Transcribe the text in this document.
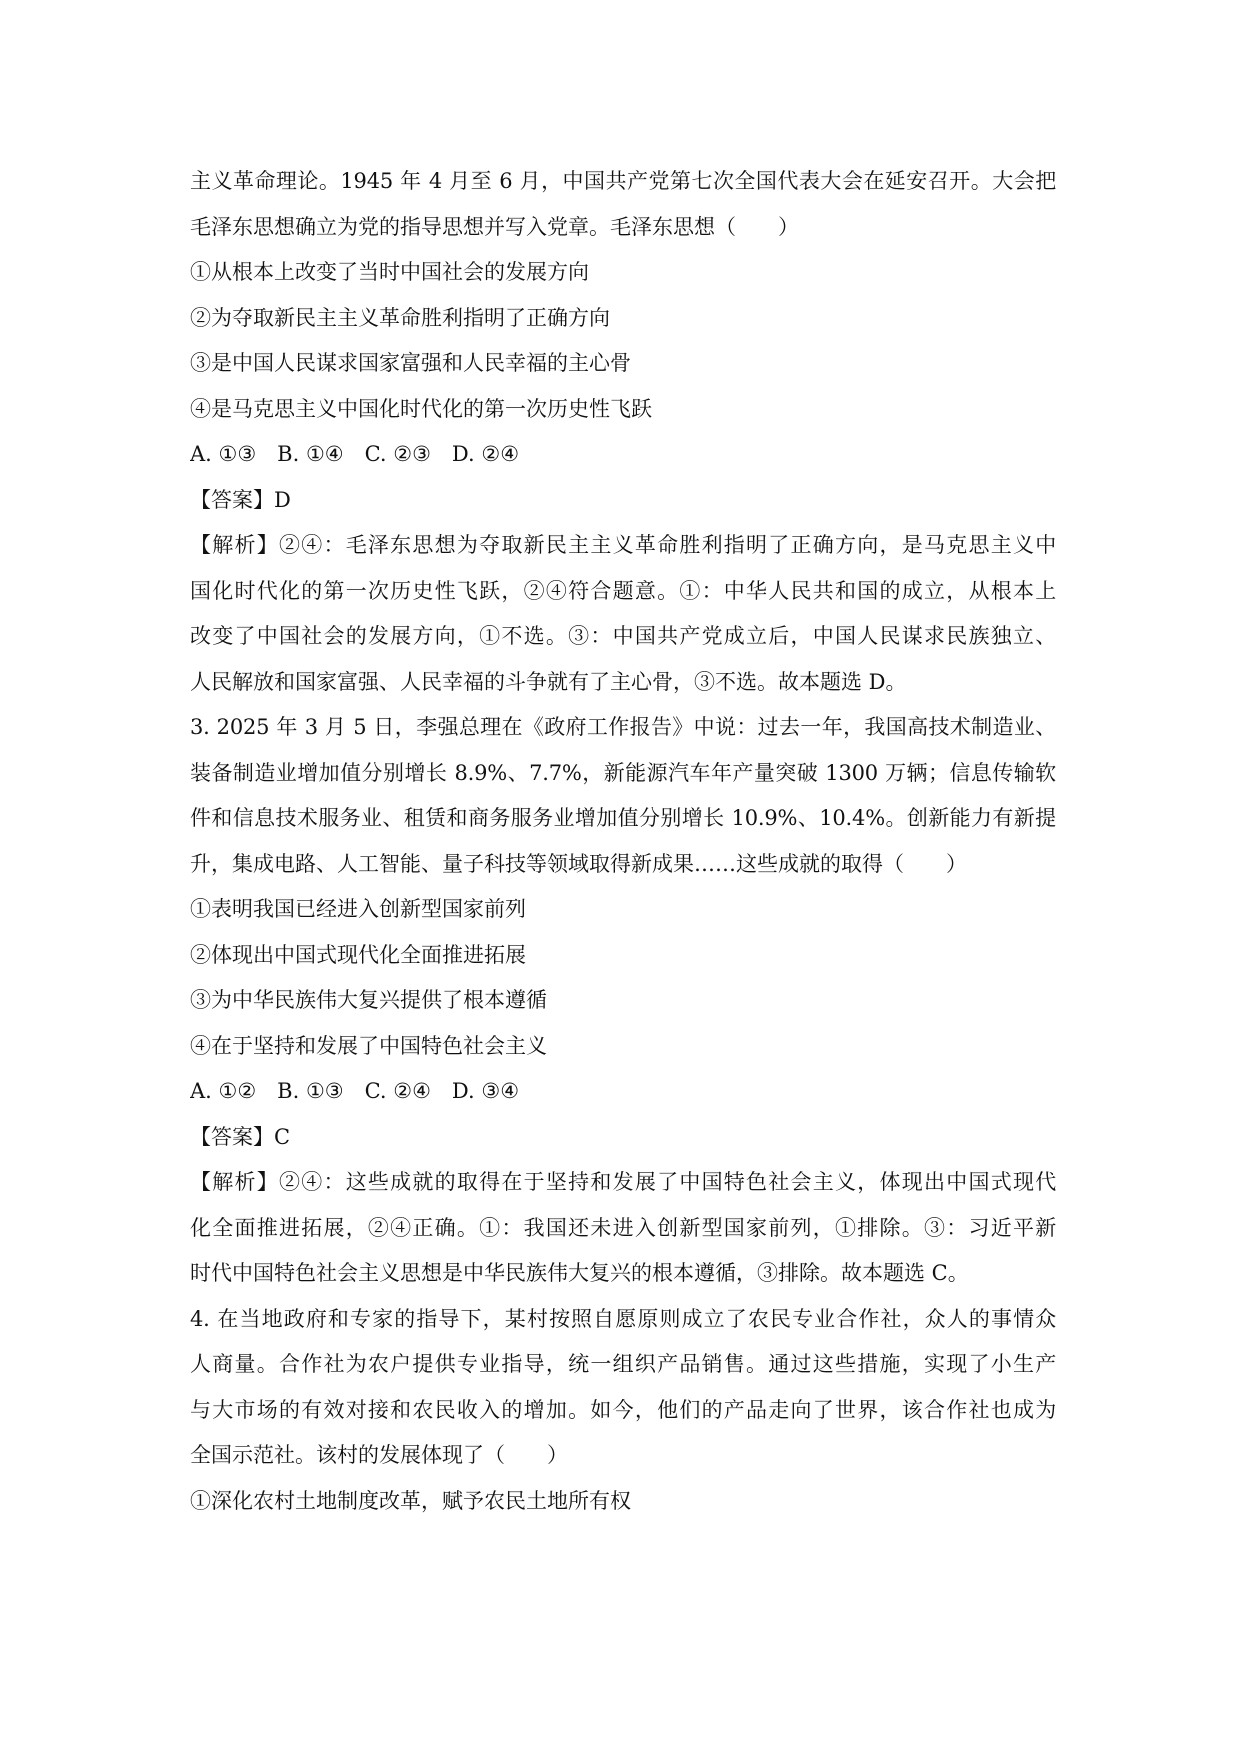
主义革命理论。1945 年 4 月至 6 月，中国共产党第七次全国代表大会在延安召开。大会把
毛泽东思想确立为党的指导思想并写入党章。毛泽东思想（　　）
①从根本上改变了当时中国社会的发展方向
②为夺取新民主主义革命胜利指明了正确方向
③是中国人民谋求国家富强和人民幸福的主心骨
④是马克思主义中国化时代化的第一次历史性飞跃
A. ①③　B. ①④　C. ②③　D. ②④
【答案】D
【解析】②④：毛泽东思想为夺取新民主主义革命胜利指明了正确方向，是马克思主义中
国化时代化的第一次历史性飞跃，②④符合题意。①：中华人民共和国的成立，从根本上
改变了中国社会的发展方向，①不选。③：中国共产党成立后，中国人民谋求民族独立、
人民解放和国家富强、人民幸福的斗争就有了主心骨，③不选。故本题选 D。
3. 2025 年 3 月 5 日，李强总理在《政府工作报告》中说：过去一年，我国高技术制造业、
装备制造业增加值分别增长 8.9%、7.7%，新能源汽车年产量突破 1300 万辆；信息传输软
件和信息技术服务业、租赁和商务服务业增加值分别增长 10.9%、10.4%。创新能力有新提
升，集成电路、人工智能、量子科技等领域取得新成果……这些成就的取得（　　）
①表明我国已经进入创新型国家前列
②体现出中国式现代化全面推进拓展
③为中华民族伟大复兴提供了根本遵循
④在于坚持和发展了中国特色社会主义
A. ①②　B. ①③　C. ②④　D. ③④
【答案】C
【解析】②④：这些成就的取得在于坚持和发展了中国特色社会主义，体现出中国式现代
化全面推进拓展，②④正确。①：我国还未进入创新型国家前列，①排除。③：习近平新
时代中国特色社会主义思想是中华民族伟大复兴的根本遵循，③排除。故本题选 C。
4. 在当地政府和专家的指导下，某村按照自愿原则成立了农民专业合作社，众人的事情众
人商量。合作社为农户提供专业指导，统一组织产品销售。通过这些措施，实现了小生产
与大市场的有效对接和农民收入的增加。如今，他们的产品走向了世界，该合作社也成为
全国示范社。该村的发展体现了（　　）
①深化农村土地制度改革，赋予农民土地所有权
